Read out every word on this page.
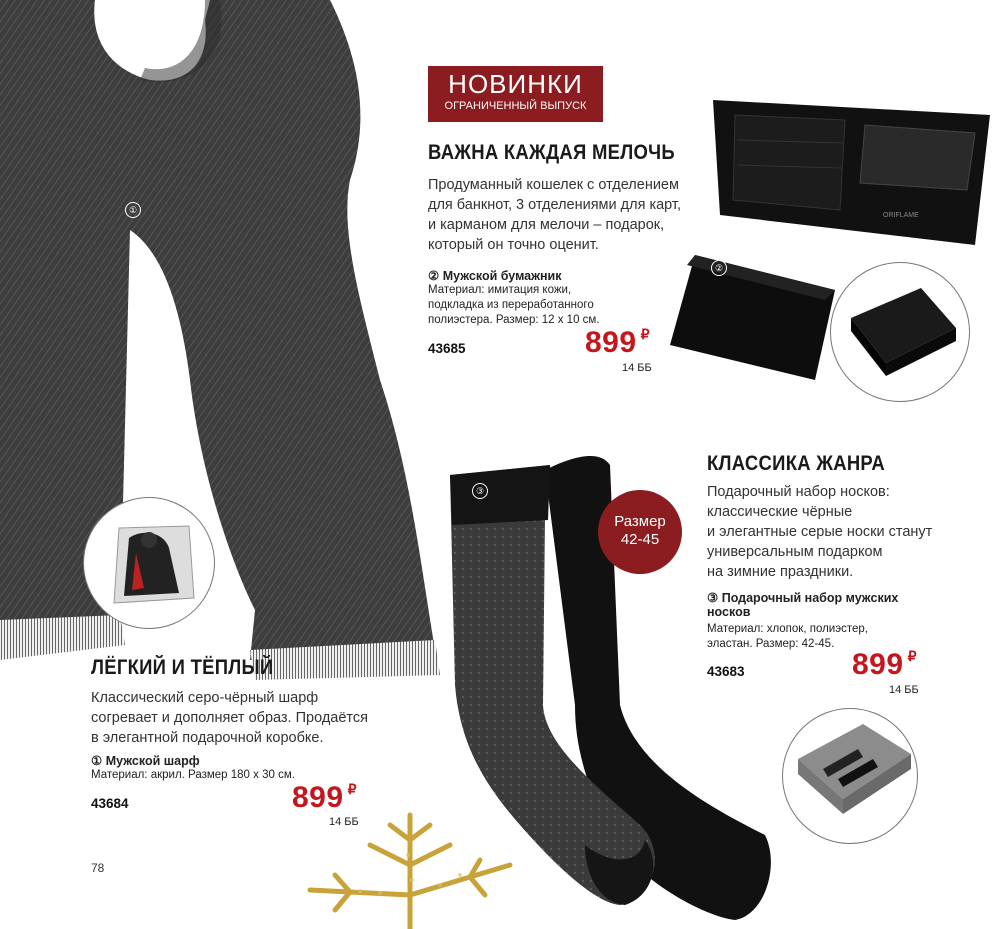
①
НОВИНКИ
ОГРАНИЧЕННЫЙ ВЫПУСК
ВАЖНА КАЖДАЯ МЕЛОЧЬ
Продуманный кошелек с отделением
для банкнот, 3 отделениями для карт,
и карманом для мелочи – подарок,
который он точно оценит.
② Мужской бумажник
Материал: имитация кожи,
подкладка из переработанного
полиэстера. Размер: 12 x 10 см.
43685	899 ₽
14 ББ
ORIFLAME
②
③
Размер
42-45
КЛАССИКА ЖАНРА
Подарочный набор носков:
классические чёрные
и элегантные серые носки станут
универсальным подарком
на зимние праздники.
③ Подарочный набор мужских
носков
Материал: хлопок, полиэстер,
эластан. Размер: 42-45.
43683	899 ₽
14 ББ
ЛЁГКИЙ И ТЁПЛЫЙ
Классический серо-чёрный шарф
согревает и дополняет образ. Продаётся
в элегантной подарочной коробке.
① Мужской шарф
Материал: акрил. Размер 180 x 30 см.
43684	899 ₽
14 ББ
78
